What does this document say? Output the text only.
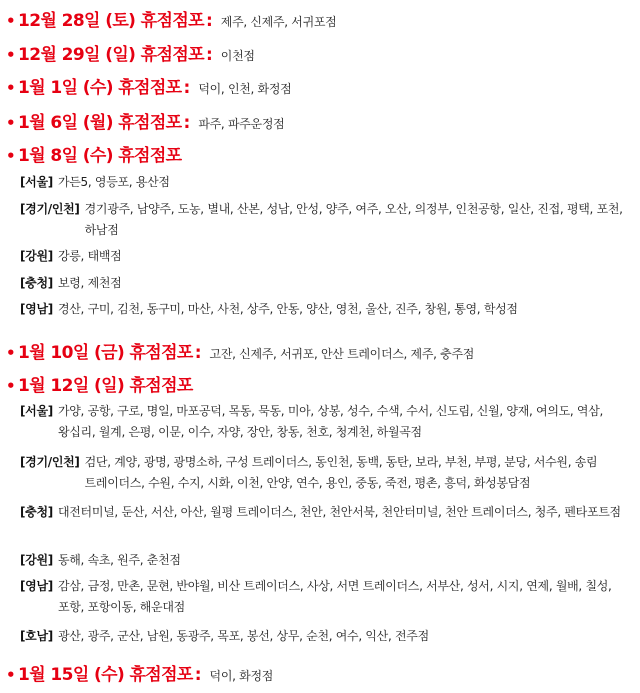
• 12월 28일 (토) 휴점점포 : 제주, 신제주, 서귀포점
• 12월 29일 (일) 휴점점포 : 이천점
• 1월 1일 (수) 휴점점포 : 덕이, 인천, 화정점
• 1월 6일 (월) 휴점점포 : 파주, 파주운정점
• 1월 8일 (수) 휴점점포
[서울] 가든5, 영등포, 용산점
[경기/인천] 경기광주, 남양주, 도농, 별내, 산본, 성남, 안성, 양주, 여주, 오산, 의정부, 인천공항, 일산, 진접, 평택, 포천, 하남점
[강원] 강릉, 태백점
[충청] 보령, 제천점
[영남] 경산, 구미, 김천, 동구미, 마산, 사천, 상주, 안동, 양산, 영천, 울산, 진주, 창원, 통영, 학성점
• 1월 10일 (금) 휴점점포 : 고잔, 신제주, 서귀포, 안산 트레이더스, 제주, 충주점
• 1월 12일 (일) 휴점점포
[서울] 가양, 공항, 구로, 명일, 마포공덕, 목동, 묵동, 미아, 상봉, 성수, 수색, 수서, 신도림, 신월, 양재, 여의도, 역삼, 왕십리, 월계, 은평, 이문, 이수, 자양, 장안, 창동, 천호, 청계천, 하월곡점
[경기/인천] 검단, 계양, 광명, 광명소하, 구성 트레이더스, 동인천, 동백, 동탄, 보라, 부천, 부평, 분당, 서수원, 송림 트레이더스, 수원, 수지, 시화, 이천, 안양, 연수, 용인, 중동, 죽전, 평촌, 흥덕, 화성봉담점
[충청] 대전터미널, 둔산, 서산, 아산, 월평 트레이더스, 천안, 천안서북, 천안터미널, 천안 트레이더스, 청주, 펜타포트점
[강원] 동해, 속초, 원주, 춘천점
[영남] 감삼, 금정, 만촌, 문현, 반야월, 비산 트레이더스, 사상, 서면 트레이더스, 서부산, 성서, 시지, 연제, 월배, 칠성, 포항, 포항이동, 해운대점
[호남] 광산, 광주, 군산, 남원, 동광주, 목포, 봉선, 상무, 순천, 여수, 익산, 전주점
• 1월 15일 (수) 휴점점포 : 덕이, 화정점
